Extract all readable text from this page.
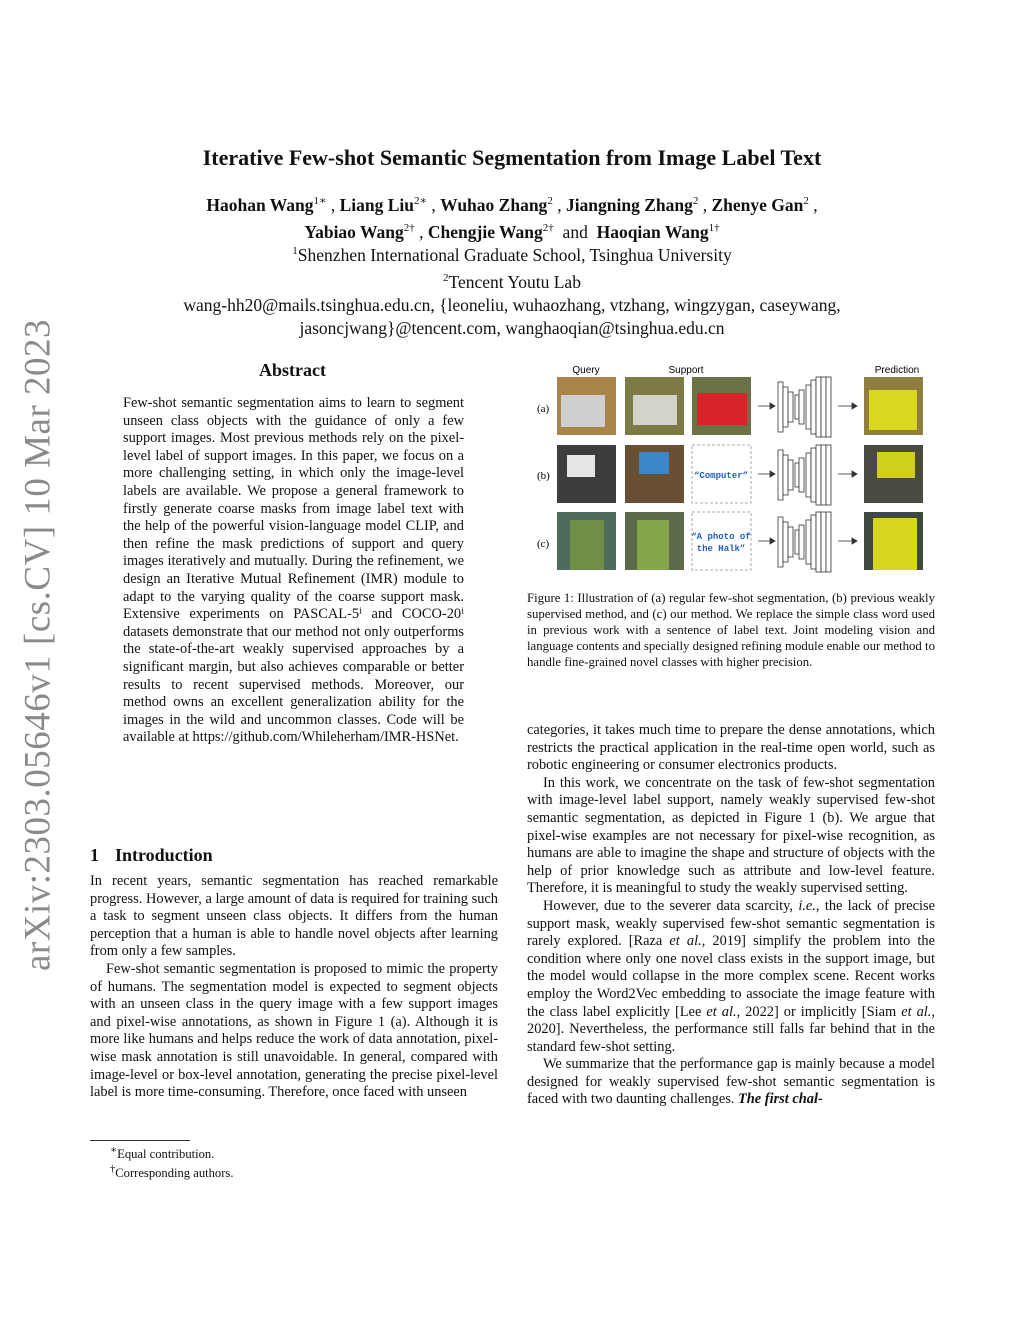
arXiv:2303.05646v1 [cs.CV] 10 Mar 2023
Iterative Few-shot Semantic Segmentation from Image Label Text
Haohan Wang$^{1∗}$ , Liang Liu$^{2∗}$ , Wuhao Zhang$^2$ , Jiangning Zhang$^2$ , Zhenye Gan$^2$ ,
Yabiao Wang$^{2\dagger}$ , Chengjie Wang$^{2\dagger}$ and Haoqian Wang$^{1\dagger}$
$^1$Shenzhen International Graduate School, Tsinghua University
$^2$Tencent Youtu Lab
wang-hh20@mails.tsinghua.edu.cn, {leoneliu, wuhaozhang, vtzhang, wingzygan, caseywang,
jasoncjwang}@tencent.com, wanghaoqian@tsinghua.edu.cn
Abstract
Few-shot semantic segmentation aims to learn to segment unseen class objects with the guidance of only a few support images. Most previous methods rely on the pixel-level label of support images. In this paper, we focus on a more challenging setting, in which only the image-level labels are available. We propose a general framework to firstly generate coarse masks from image label text with the help of the powerful vision-language model CLIP, and then refine the mask predictions of support and query images iteratively and mutually. During the refinement, we design an Iterative Mutual Refinement (IMR) module to adapt to the varying quality of the coarse support mask. Extensive experiments on PASCAL-5ⁱ and COCO-20ⁱ datasets demonstrate that our method not only outperforms the state-of-the-art weakly supervised approaches by a significant margin, but also achieves comparable or better results to recent supervised methods. Moreover, our method owns an excellent generalization ability for the images in the wild and uncommon classes. Code will be available at https://github.com/Whileherham/IMR-HSNet.
1 Introduction

In recent years, semantic segmentation has reached remarkable progress. However, a large amount of data is required for training such a task to segment unseen class objects. It differs from the human perception that a human is able to handle novel objects after learning from only a few samples.

Few-shot semantic segmentation is proposed to mimic the property of humans. The segmentation model is expected to segment objects with an unseen class in the query image with a few support images and pixel-wise annotations, as shown in Figure 1 (a). Although it is more like humans and helps reduce the work of data annotation, pixel-wise mask annotation is still unavoidable. In general, compared with image-level or box-level annotation, generating the precise pixel-level label is more time-consuming. Therefore, once faced with unseen

∗Equal contribution.

†Corresponding authors.

Query	Support	Prediction
(a)
(b)
(c)
“Computer”
“A photo of
the Halk”
Figure 1: Illustration of (a) regular few-shot segmentation, (b) previous weakly supervised method, and (c) our method. We replace the simple class word used in previous work with a sentence of label text. Joint modeling vision and language contents and specially designed refining module enable our method to handle fine-grained novel classes with higher precision.

categories, it takes much time to prepare the dense annotations, which restricts the practical application in the real-time open world, such as robotic engineering or consumer electronics products.

In this work, we concentrate on the task of few-shot segmentation with image-level label support, namely weakly supervised few-shot semantic segmentation, as depicted in Figure 1 (b). We argue that pixel-wise examples are not necessary for pixel-wise recognition, as humans are able to imagine the shape and structure of objects with the help of prior knowledge such as attribute and low-level feature. Therefore, it is meaningful to study the weakly supervised setting.

However, due to the severer data scarcity, i.e., the lack of precise support mask, weakly supervised few-shot semantic segmentation is rarely explored. [Raza et al., 2019] simplify the problem into the condition where only one novel class exists in the support image, but the model would collapse in the more complex scene. Recent works employ the Word2Vec embedding to associate the image feature with the class label explicitly [Lee et al., 2022] or implicitly [Siam et al., 2020]. Nevertheless, the performance still falls far behind that in the standard few-shot setting.

We summarize that the performance gap is mainly because a model designed for weakly supervised few-shot semantic segmentation is faced with two daunting challenges. The first chal-
